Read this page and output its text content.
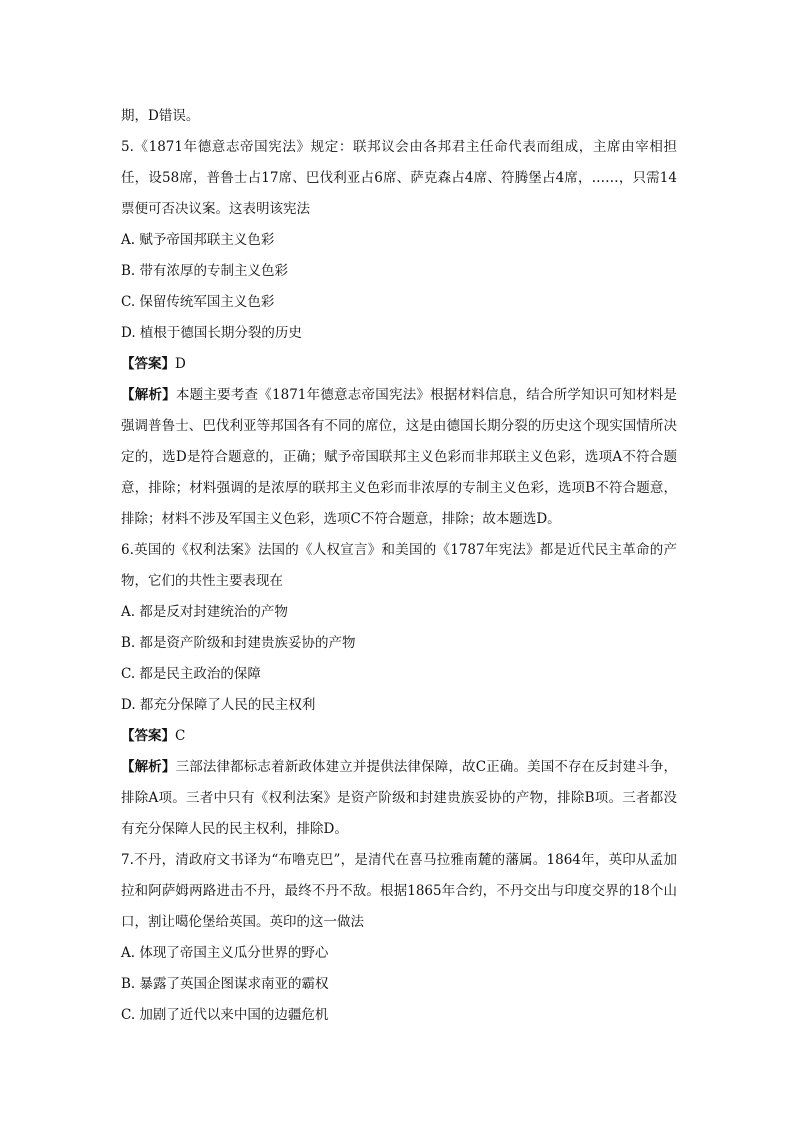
期，D错误。

5.《1871年德意志帝国宪法》规定：联邦议会由各邦君主任命代表而组成，主席由宰相担任，设58席，普鲁士占17席、巴伐利亚占6席、萨克森占4席、符腾堡占4席，……，只需14票便可否决议案。这表明该宪法

A. 赋予帝国邦联主义色彩

B. 带有浓厚的专制主义色彩

C. 保留传统军国主义色彩

D. 植根于德国长期分裂的历史

【答案】D

【解析】本题主要考查《1871年德意志帝国宪法》根据材料信息，结合所学知识可知材料是强调普鲁士、巴伐利亚等邦国各有不同的席位，这是由德国长期分裂的历史这个现实国情所决定的，选D是符合题意的，正确；赋予帝国联邦主义色彩而非邦联主义色彩，选项A不符合题意，排除；材料强调的是浓厚的联邦主义色彩而非浓厚的专制主义色彩，选项B不符合题意，排除；材料不涉及军国主义色彩，选项C不符合题意，排除；故本题选D。

6.英国的《权利法案》法国的《人权宣言》和美国的《1787年宪法》都是近代民主革命的产物，它们的共性主要表现在

A. 都是反对封建统治的产物

B. 都是资产阶级和封建贵族妥协的产物

C. 都是民主政治的保障

D. 都充分保障了人民的民主权利

【答案】C

【解析】三部法律都标志着新政体建立并提供法律保障，故C正确。美国不存在反封建斗争，排除A项。三者中只有《权利法案》是资产阶级和封建贵族妥协的产物，排除B项。三者都没有充分保障人民的民主权利，排除D。

7.不丹，清政府文书译为“布噜克巴”，是清代在喜马拉雅南麓的藩属。1864年，英印从孟加拉和阿萨姆两路进击不丹，最终不丹不敌。根据1865年合约，不丹交出与印度交界的18个山口，割让噶伦堡给英国。英印的这一做法

A. 体现了帝国主义瓜分世界的野心

B. 暴露了英国企图谋求南亚的霸权

C. 加剧了近代以来中国的边疆危机
